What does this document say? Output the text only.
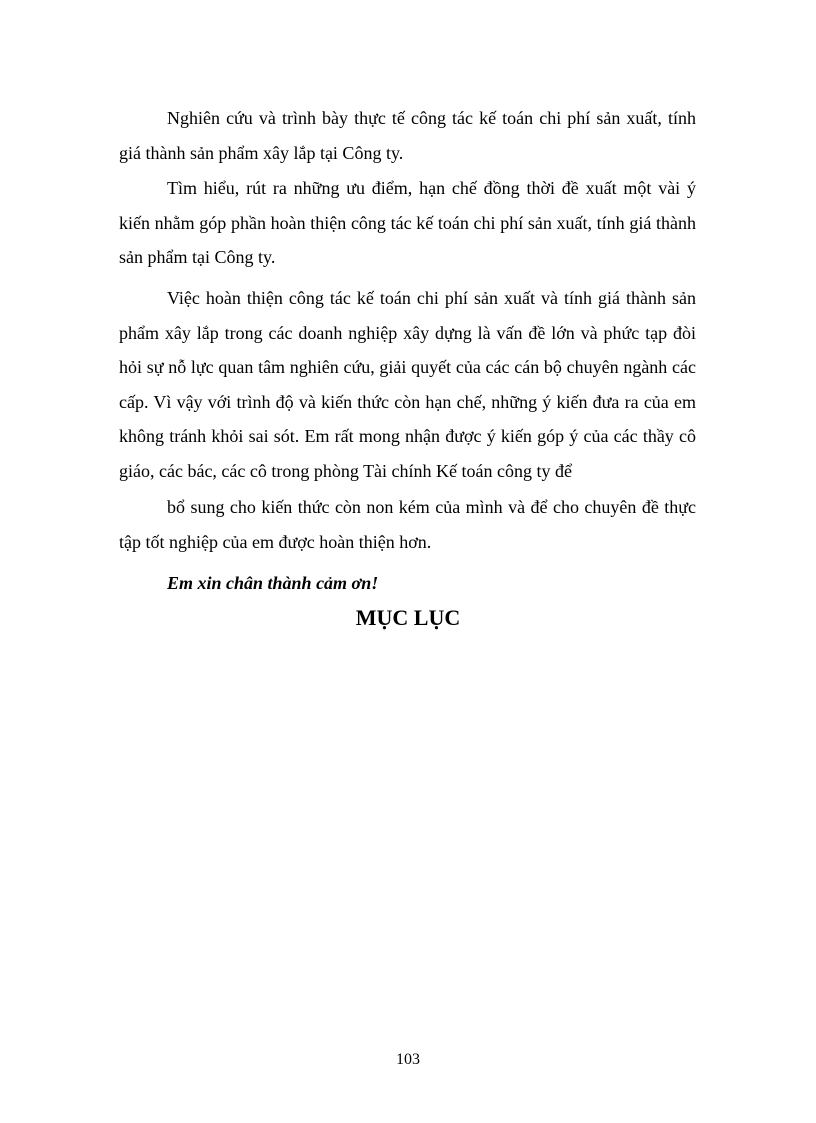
Nghiên cứu và trình bày thực tế công tác kế toán chi phí sản xuất, tính giá thành sản phẩm xây lắp tại Công ty.

Tìm hiểu, rút ra những ưu điểm, hạn chế đồng thời đề xuất một vài ý kiến nhằm góp phần hoàn thiện công tác kế toán chi phí sản xuất, tính giá thành sản phẩm tại Công ty.

Việc hoàn thiện công tác kế toán chi phí sản xuất và tính giá thành sản phẩm xây lắp trong các doanh nghiệp xây dựng là vấn đề lớn và phức tạp đòi hỏi sự nỗ lực quan tâm nghiên cứu, giải quyết của các cán bộ chuyên ngành các cấp. Vì vậy với trình độ và kiến thức còn hạn chế, những ý kiến đưa ra của em không tránh khỏi sai sót. Em rất mong nhận được ý kiến góp ý của các thầy cô giáo, các bác, các cô trong phòng Tài chính Kế toán công ty để

bổ sung cho kiến thức còn non kém của mình và để cho chuyên đề thực tập tốt nghiệp của em được hoàn thiện hơn.

Em xin chân thành cảm ơn!

MỤC LỤC
103
